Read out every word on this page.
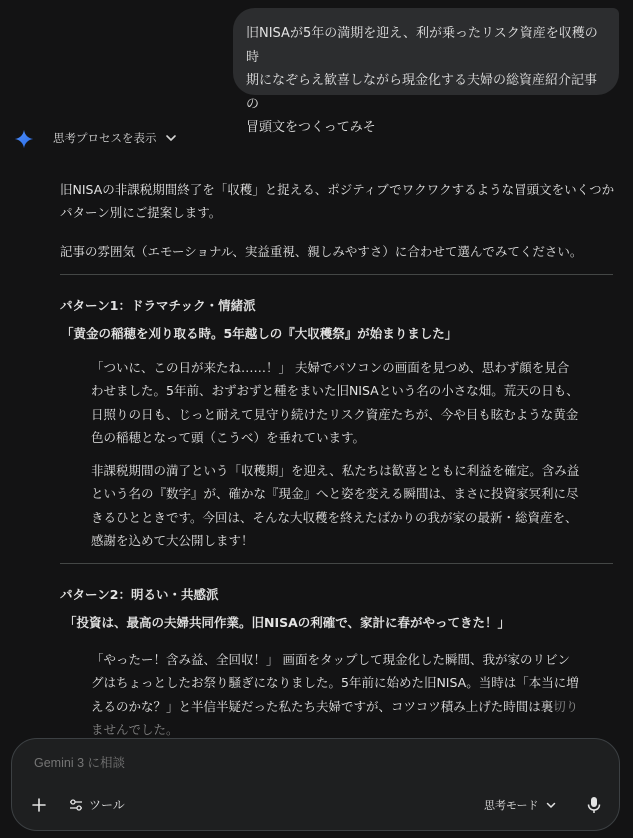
旧NISAが5年の満期を迎え、利が乗ったリスク資産を収穫の時
期になぞらえ歓喜しながら現金化する夫婦の総資産紹介記事の
冒頭文をつくってみそ
思考プロセスを表示

旧NISAの非課税期間終了を「収穫」と捉える、ポジティブでワクワクするような冒頭文をいくつかパターン別にご提案します。

記事の雰囲気（エモーショナル、実益重視、親しみやすさ）に合わせて選んでみてください。

パターン1：ドラマチック・情緒派
「黄金の稲穂を刈り取る時。5年越しの『大収穫祭』が始まりました」

「ついに、この日が来たね……！」 夫婦でパソコンの画面を見つめ、思わず顔を見合わせました。5年前、おずおずと種をまいた旧NISAという名の小さな畑。荒天の日も、日照りの日も、じっと耐えて見守り続けたリスク資産たちが、今や目も眩むような黄金色の稲穂となって頭（こうべ）を垂れています。

非課税期間の満了という「収穫期」を迎え、私たちは歓喜とともに利益を確定。含み益という名の『数字』が、確かな『現金』へと姿を変える瞬間は、まさに投資家冥利に尽きるひとときです。今回は、そんな大収穫を終えたばかりの我が家の最新・総資産を、感謝を込めて大公開します！

パターン2：明るい・共感派
「投資は、最高の夫婦共同作業。旧NISAの利確で、家計に春がやってきた！」

「やったー！含み益、全回収！」 画面をタップして現金化した瞬間、我が家のリビングはちょっとしたお祭り騒ぎになりました。5年前に始めた旧NISA。当時は「本当に増えるのかな？」と半信半疑だった私たち夫婦ですが、コツコツ積み上げた時間は裏切りませんでした。

Gemini 3 に相談
ツール	思考モード
